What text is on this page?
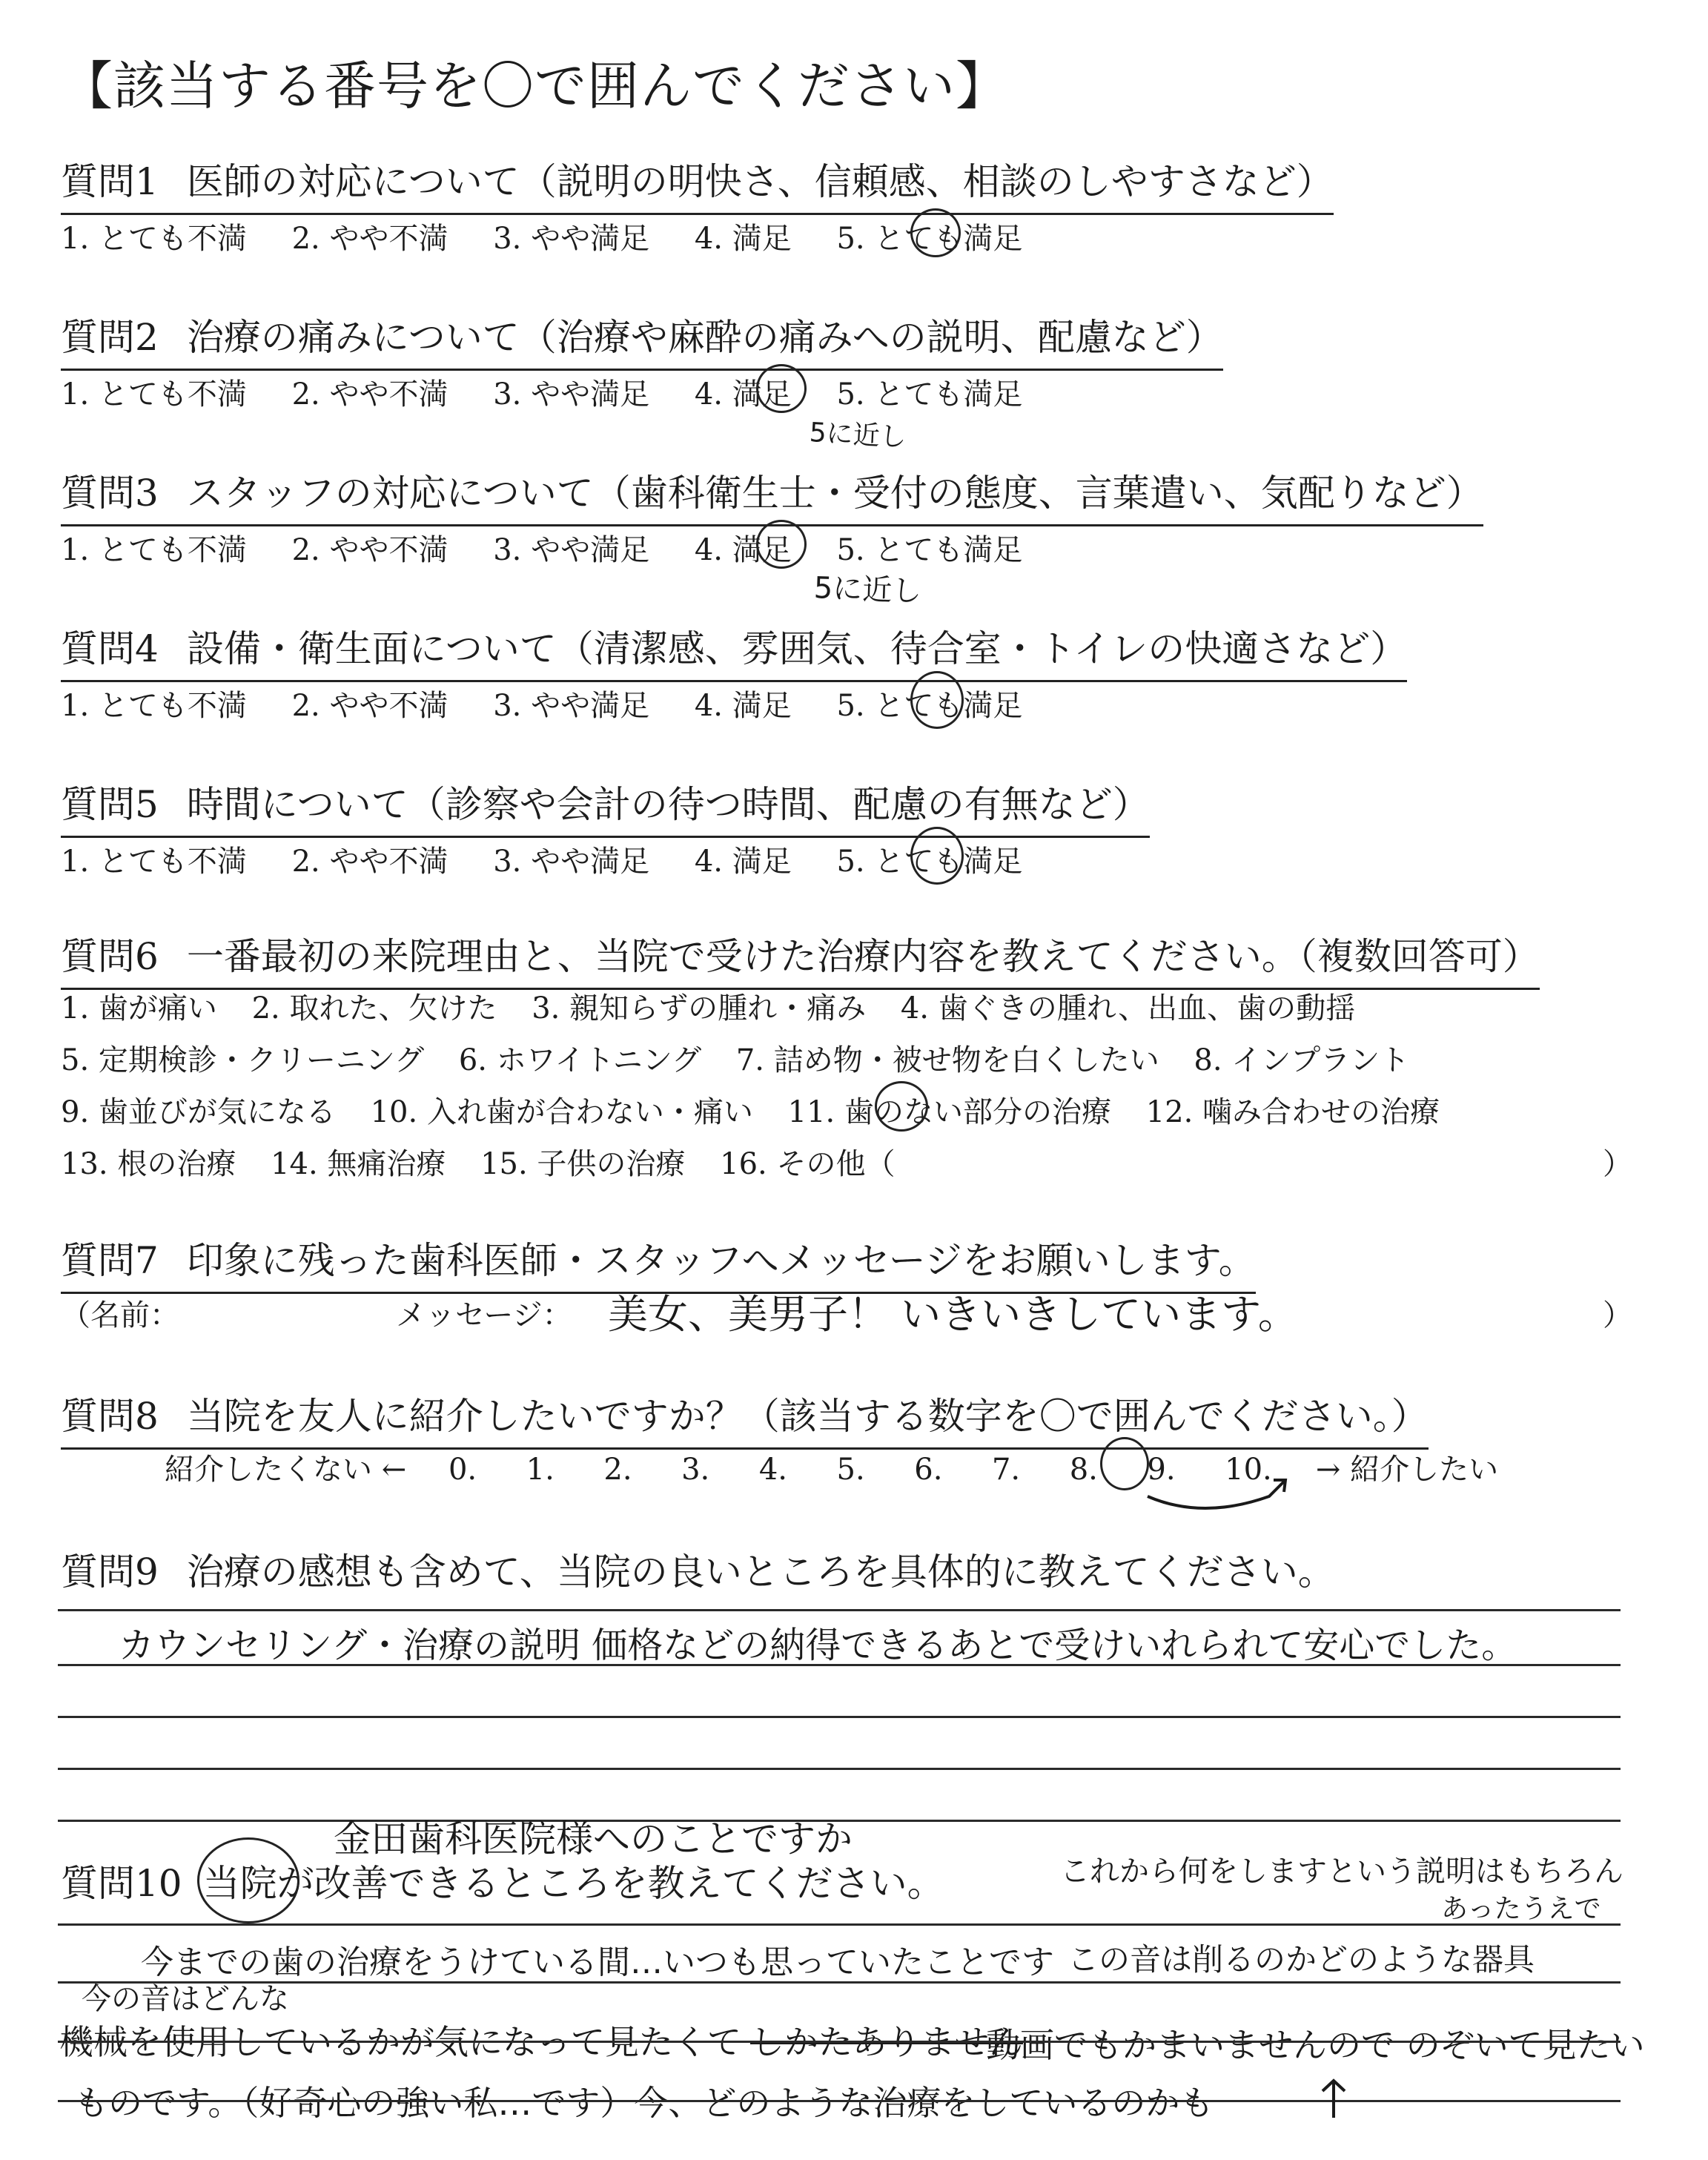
【該当する番号を〇で囲んでください】
質問1 医師の対応について（説明の明快さ、信頼感、相談のしやすさなど）
1. とても不満 2. やや不満 3. やや満足 4. 満足 5. とても満足
質問2 治療の痛みについて（治療や麻酔の痛みへの説明、配慮など）
1. とても不満 2. やや不満 3. やや満足 4. 満足 5. とても満足
5に近し
質問3 スタッフの対応について（歯科衛生士・受付の態度、言葉遣い、気配りなど）
1. とても不満 2. やや不満 3. やや満足 4. 満足 5. とても満足
5に近し
質問4 設備・衛生面について（清潔感、雰囲気、待合室・トイレの快適さなど）
1. とても不満 2. やや不満 3. やや満足 4. 満足 5. とても満足
質問5 時間について（診察や会計の待つ時間、配慮の有無など）
1. とても不満 2. やや不満 3. やや満足 4. 満足 5. とても満足
質問6 一番最初の来院理由と、当院で受けた治療内容を教えてください。（複数回答可）
1. 歯が痛い 2. 取れた、欠けた 3. 親知らずの腫れ・痛み 4. 歯ぐきの腫れ、出血、歯の動揺
5. 定期検診・クリーニング 6. ホワイトニング 7. 詰め物・被せ物を白くしたい 8. インプラント
9. 歯並びが気になる 10. 入れ歯が合わない・痛い 11. 歯のない部分の治療 12. 噛み合わせの治療
13. 根の治療 14. 無痛治療 15. 子供の治療 16. その他（	）
質問7 印象に残った歯科医師・スタッフへメッセージをお願いします。
（名前：	メッセージ： 美女、美男子！ いきいきしています。	）
質問8 当院を友人に紹介したいですか？（該当する数字を〇で囲んでください。）
紹介したくない ← 0. 1. 2. 3. 4. 5. 6. 7. 8. 9. 10. → 紹介したい
質問9 治療の感想も含めて、当院の良いところを具体的に教えてください。
カウンセリング・治療の説明 価格などの納得できるあとで受けいれられて安心でした。
金田歯科医院様へのことですか
質問10 当院が改善できるところを教えてください。	これから何をしますという説明はもちろん
あったうえで
今までの歯の治療をうけている間…いつも思っていたことです この音は削るのかどのような器具
今の音はどんな
機械を使用しているかが気になって見たくて しかたありません
動画でもかまいませんので のぞいて見たい
ものです。（好奇心の強い私…です）今、どのような治療をしているのかも
